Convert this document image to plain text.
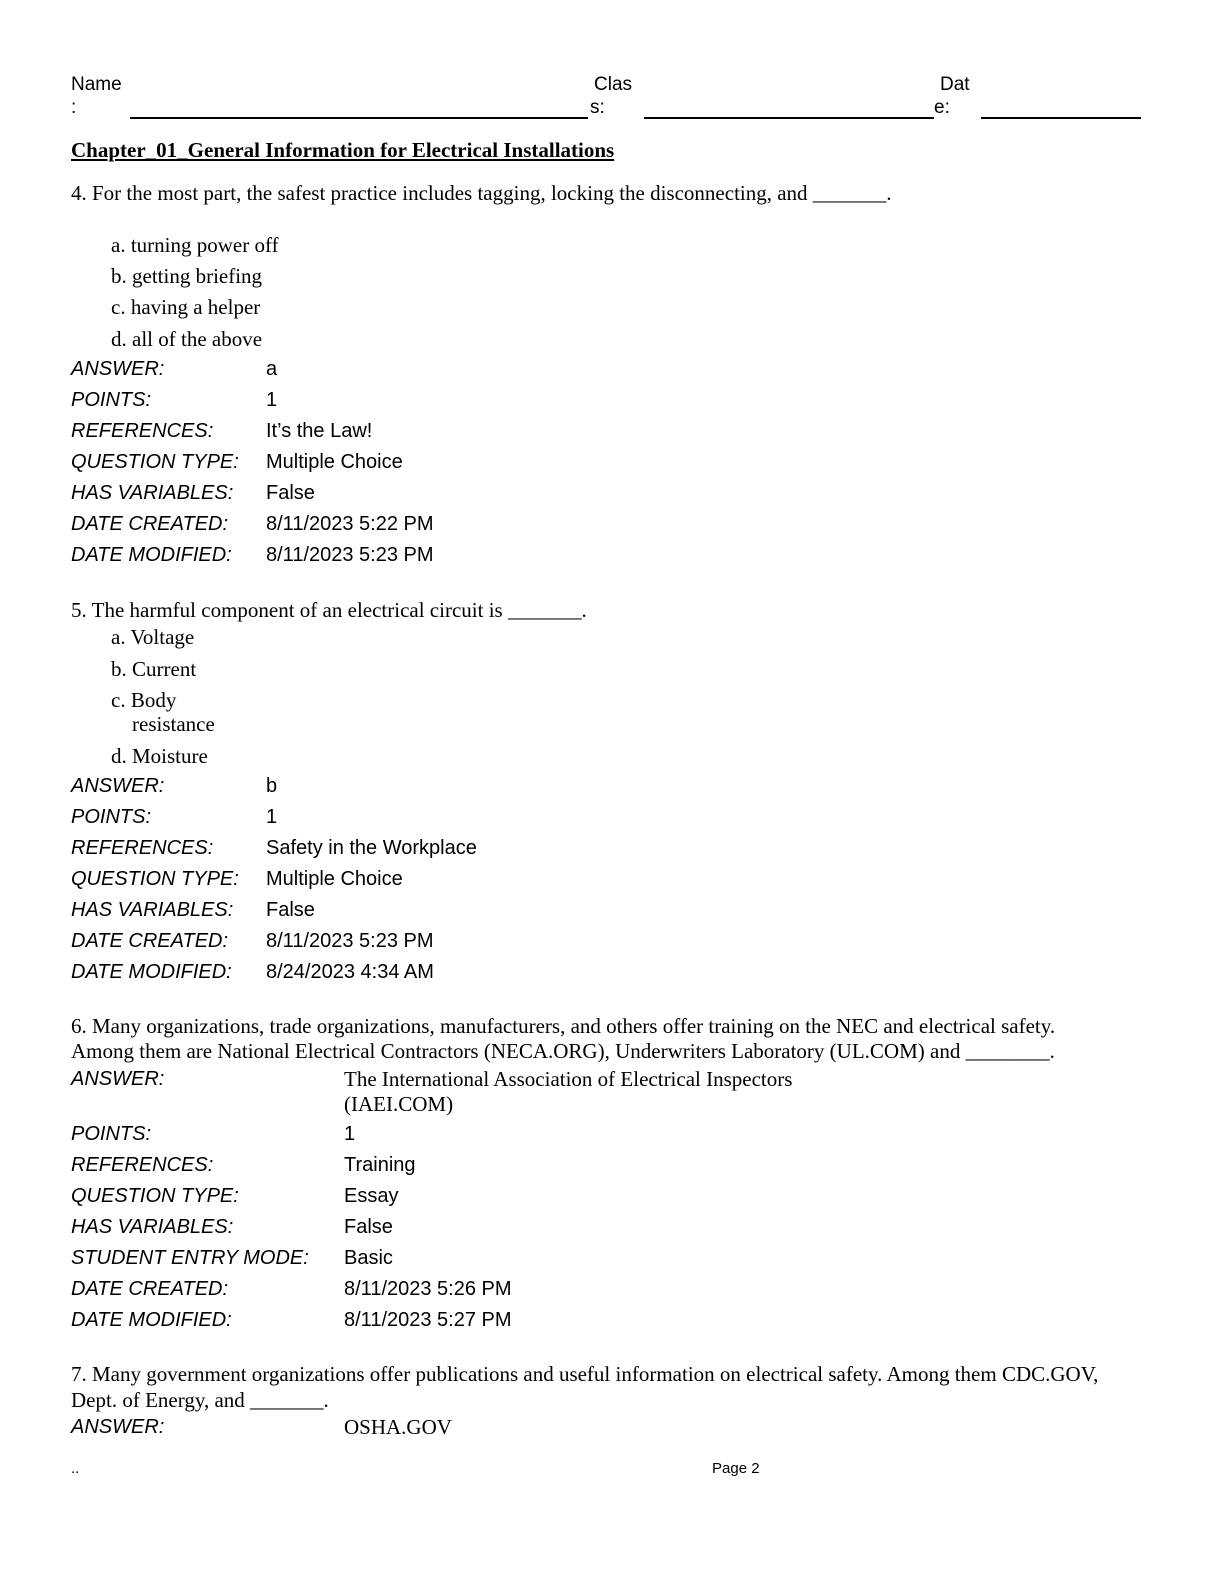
Name
:
Clas
s:
Dat
e:
Chapter_01_General Information for Electrical Installations
4. For the most part, the safest practice includes tagging, locking the disconnecting, and _______.
a. turning power off
b. getting briefing
c. having a helper
d. all of the above
ANSWER:	a
POINTS:	1
REFERENCES:	It’s the Law!
QUESTION TYPE: Multiple Choice
HAS VARIABLES: False
DATE CREATED: 8/11/2023 5:22 PM
DATE MODIFIED: 8/11/2023 5:23 PM
5. The harmful component of an electrical circuit is _______.
a. Voltage
b. Current
c. Body
resistance
d. Moisture
ANSWER:	b
POINTS:	1
REFERENCES:	Safety in the Workplace
QUESTION TYPE: Multiple Choice
HAS VARIABLES: False
DATE CREATED: 8/11/2023 5:23 PM
DATE MODIFIED: 8/24/2023 4:34 AM
6. Many organizations, trade organizations, manufacturers, and others offer training on the NEC and electrical safety.
Among them are National Electrical Contractors (NECA.ORG), Underwriters Laboratory (UL.COM) and ________.
ANSWER:	The International Association of Electrical Inspectors
(IAEI.COM)
POINTS:	1
REFERENCES:	Training
QUESTION TYPE:	Essay
HAS VARIABLES:	False
STUDENT ENTRY MODE: Basic
DATE CREATED:	8/11/2023 5:26 PM
DATE MODIFIED:	8/11/2023 5:27 PM
7. Many government organizations offer publications and useful information on electrical safety. Among them CDC.GOV,
Dept. of Energy, and _______.
ANSWER:	OSHA.GOV
..	Page 2
